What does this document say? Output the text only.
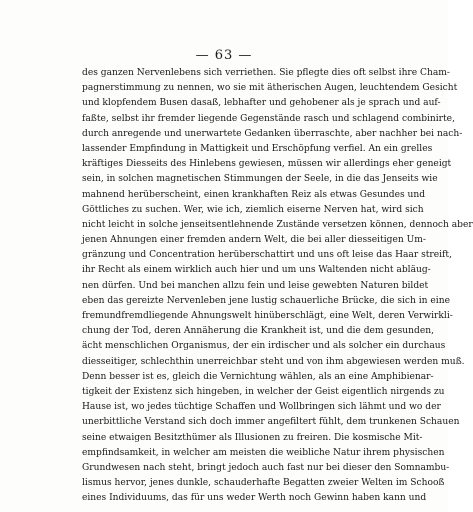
— 63 —
des ganzen Nervenlebens sich verriethen. Sie pflegte dies oft selbst ihre Cham-
pagnerstimmung zu nennen, wo sie mit ätherischen Augen, leuchtendem Gesicht
und klopfendem Busen dasaß, lebhafter und gehobener als je sprach und auf-
faßte, selbst ihr fremder liegende Gegenstände rasch und schlagend combinirte,
durch anregende und unerwartete Gedanken überraschte, aber nachher bei nach-
lassender Empfindung in Mattigkeit und Erschöpfung verfiel. An ein grelles
kräftiges Diesseits des Hinlebens gewiesen, müssen wir allerdings eher geneigt
sein, in solchen magnetischen Stimmungen der Seele, in die das Jenseits wie
mahnend herüberscheint, einen krankhaften Reiz als etwas Gesundes und
Göttliches zu suchen. Wer, wie ich, ziemlich eiserne Nerven hat, wird sich
nicht leicht in solche jenseitsentlehnende Zustände versetzen können, dennoch aber
jenen Ahnungen einer fremden andern Welt, die bei aller diesseitigen Um-
gränzung und Concentration herüberschattirt und uns oft leise das Haar streift,
ihr Recht als einem wirklich auch hier und um uns Waltenden nicht abläug-
nen dürfen. Und bei manchen allzu fein und leise gewebten Naturen bildet
eben das gereizte Nervenleben jene lustig schauerliche Brücke, die sich in eine
fremundfremdliegende Ahnungswelt hinüberschlägt, eine Welt, deren Verwirkli-
chung der Tod, deren Annäherung die Krankheit ist, und die dem gesunden,
ächt menschlichen Organismus, der ein irdischer und als solcher ein durchaus
diesseitiger, schlechthin unerreichbar steht und von ihm abgewiesen werden muß.
Denn besser ist es, gleich die Vernichtung wählen, als an eine Amphibienar-
tigkeit der Existenz sich hingeben, in welcher der Geist eigentlich nirgends zu
Hause ist, wo jedes tüchtige Schaffen und Wollbringen sich lähmt und wo der
unerbittliche Verstand sich doch immer angefiltert fühlt, dem trunkenen Schauen
seine etwaigen Besitzthümer als Illusionen zu freiren. Die kosmische Mit-
empfindsamkeit, in welcher am meisten die weibliche Natur ihrem physischen
Grundwesen nach steht, bringt jedoch auch fast nur bei dieser den Somnambu-
lismus hervor, jenes dunkle, schauderhafte Begatten zweier Welten im Schooß
eines Individuums, das für uns weder Werth noch Gewinn haben kann und
